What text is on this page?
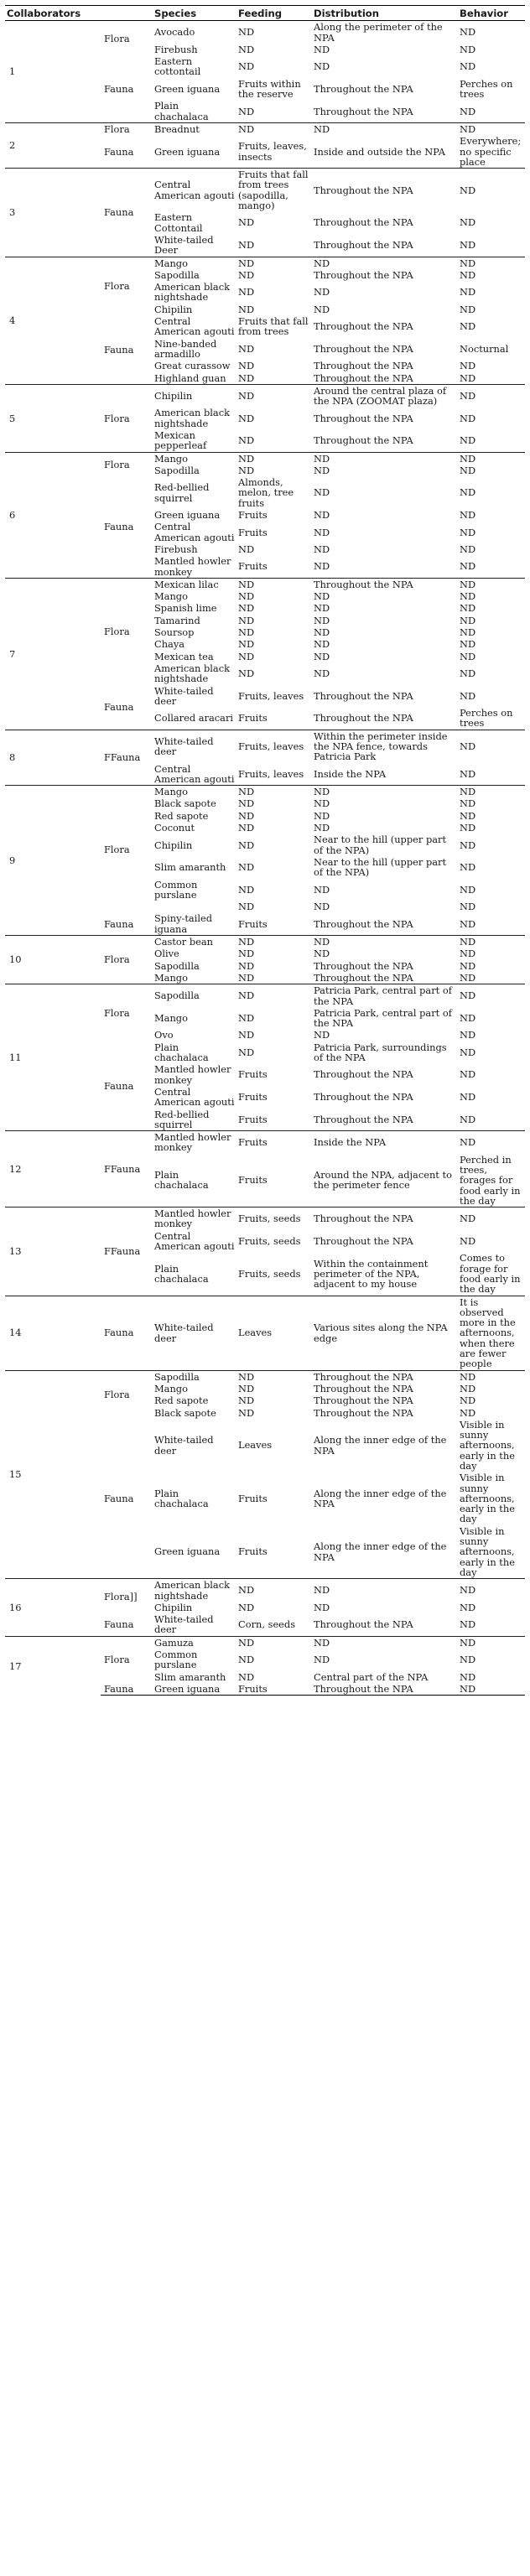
Collaborators		Species	Feeding	Distribution	Behavior
1	Flora	Avocado	ND	Along the perimeter of the NPA	ND
		Firebush	ND	ND	ND
	Fauna	Eastern cottontail	ND	ND	ND
		Green iguana	Fruits within the reserve	Throughout the NPA	Perches on trees
		Plain chachalaca	ND	Throughout the NPA	ND
2	Flora	Breadnut	ND	ND	ND
	Fauna	Green iguana	Fruits, leaves, insects	Inside and outside the NPA	Everywhere; no specific place
3	Fauna	Central American agouti	Fruits that fall from trees (sapodilla, mango)	Throughout the NPA	ND
		Eastern Cottontail	ND	Throughout the NPA	ND
		White-tailed Deer	ND	Throughout the NPA	ND
4	Flora	Mango	ND	ND	ND
		Sapodilla	ND	Throughout the NPA	ND
		American black nightshade	ND	ND	ND
		Chipilin	ND	ND	ND
	Fauna	Central American agouti	Fruits that fall from trees	Throughout the NPA	ND
		Nine-banded armadillo	ND	Throughout the NPA	Nocturnal
		Great curassow	ND	Throughout the NPA	ND
		Highland guan	ND	Throughout the NPA	ND
5	Flora	Chipilin	ND	Around the central plaza of the NPA (ZOOMAT plaza)	ND
		American black nightshade	ND	Throughout the NPA	ND
		Mexican pepperleaf	ND	Throughout the NPA	ND
6	Flora	Mango	ND	ND	ND
		Sapodilla	ND	ND	ND
	Fauna	Red-bellied squirrel	Almonds, melon, tree fruits	ND	ND
		Green iguana	Fruits	ND	ND
		Central American agouti	Fruits	ND	ND
		Firebush	ND	ND	ND
		Mantled howler monkey	Fruits	ND	ND
7	Flora	Mexican lilac	ND	Throughout the NPA	ND
		Mango	ND	ND	ND
		Spanish lime	ND	ND	ND
		Tamarind	ND	ND	ND
		Soursop	ND	ND	ND
		Chaya	ND	ND	ND
		Mexican tea	ND	ND	ND
		American black nightshade	ND	ND	ND
	Fauna	White-tailed deer	Fruits, leaves	Throughout the NPA	ND
		Collared aracari	Fruits	Throughout the NPA	Perches on trees
8	FFauna	White-tailed deer	Fruits, leaves	Within the perimeter inside the NPA fence, towards Patricia Park	ND
		Central American agouti	Fruits, leaves	Inside the NPA	ND
9	Flora	Mango	ND	ND	ND
		Black sapote	ND	ND	ND
		Red sapote	ND	ND	ND
		Coconut	ND	ND	ND
		Chipilin	ND	Near to the hill (upper part of the NPA)	ND
		Slim amaranth	ND	Near to the hill (upper part of the NPA)	ND
		Common purslane	ND	ND	ND
			ND	ND	ND
	Fauna	Spiny-tailed iguana	Fruits	Throughout the NPA	ND
10	Flora	Castor bean	ND	ND	ND
		Olive	ND	ND	ND
		Sapodilla	ND	Throughout the NPA	ND
		Mango	ND	Throughout the NPA	ND
11	Flora	Sapodilla	ND	Patricia Park, central part of the NPA	ND
		Mango	ND	Patricia Park, central part of the NPA	ND
		Ovo	ND	ND	ND
	Fauna	Plain chachalaca	ND	Patricia Park, surroundings of the NPA	ND
		Mantled howler monkey	Fruits	Throughout the NPA	ND
		Central American agouti	Fruits	Throughout the NPA	ND
		Red-bellied squirrel	Fruits	Throughout the NPA	ND
12	FFauna	Mantled howler monkey	Fruits	Inside the NPA	ND
		Plain chachalaca	Fruits	Around the NPA, adjacent to the perimeter fence	Perched in trees, forages for food early in the day
13	FFauna	Mantled howler monkey	Fruits, seeds	Throughout the NPA	ND
		Central American agouti	Fruits, seeds	Throughout the NPA	ND
		Plain chachalaca	Fruits, seeds	Within the containment perimeter of the NPA, adjacent to my house	Comes to forage for food early in the day
14	Fauna	White-tailed deer	Leaves	Various sites along the NPA edge	It is observed more in the afternoons, when there are fewer people
15	Flora	Sapodilla	ND	Throughout the NPA	ND
		Mango	ND	Throughout the NPA	ND
		Red sapote	ND	Throughout the NPA	ND
		Black sapote	ND	Throughout the NPA	ND
	Fauna	White-tailed deer	Leaves	Along the inner edge of the NPA	Visible in sunny afternoons, early in the day
		Plain chachalaca	Fruits	Along the inner edge of the NPA	Visible in sunny afternoons, early in the day
		Green iguana	Fruits	Along the inner edge of the NPA	Visible in sunny afternoons, early in the day
16	Flora]]	American black nightshade	ND	ND	ND
		Chipilin	ND	ND	ND
	Fauna	White-tailed deer	Corn, seeds	Throughout the NPA	ND
17	Flora	Gamuza	ND	ND	ND
		Common purslane	ND	ND	ND
		Slim amaranth	ND	Central part of the NPA	ND
	Fauna	Green iguana	Fruits	Throughout the NPA	ND
